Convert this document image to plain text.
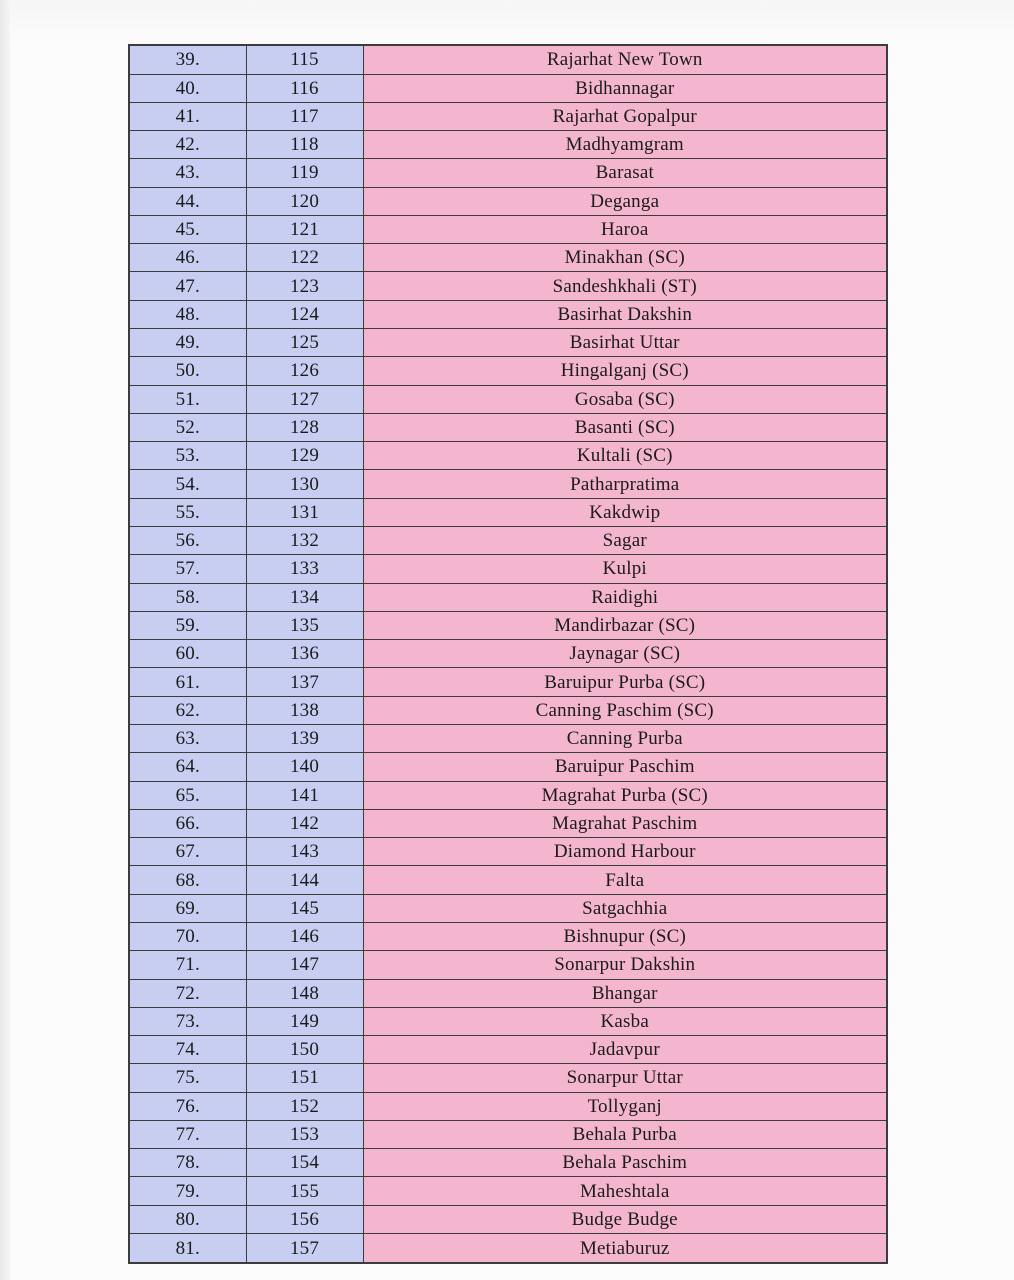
39.	115	Rajarhat New Town
40.	116	Bidhannagar
41.	117	Rajarhat Gopalpur
42.	118	Madhyamgram
43.	119	Barasat
44.	120	Deganga
45.	121	Haroa
46.	122	Minakhan (SC)
47.	123	Sandeshkhali (ST)
48.	124	Basirhat Dakshin
49.	125	Basirhat Uttar
50.	126	Hingalganj (SC)
51.	127	Gosaba (SC)
52.	128	Basanti (SC)
53.	129	Kultali (SC)
54.	130	Patharpratima
55.	131	Kakdwip
56.	132	Sagar
57.	133	Kulpi
58.	134	Raidighi
59.	135	Mandirbazar (SC)
60.	136	Jaynagar (SC)
61.	137	Baruipur Purba (SC)
62.	138	Canning Paschim (SC)
63.	139	Canning Purba
64.	140	Baruipur Paschim
65.	141	Magrahat Purba (SC)
66.	142	Magrahat Paschim
67.	143	Diamond Harbour
68.	144	Falta
69.	145	Satgachhia
70.	146	Bishnupur (SC)
71.	147	Sonarpur Dakshin
72.	148	Bhangar
73.	149	Kasba
74.	150	Jadavpur
75.	151	Sonarpur Uttar
76.	152	Tollyganj
77.	153	Behala Purba
78.	154	Behala Paschim
79.	155	Maheshtala
80.	156	Budge Budge
81.	157	Metiaburuz
